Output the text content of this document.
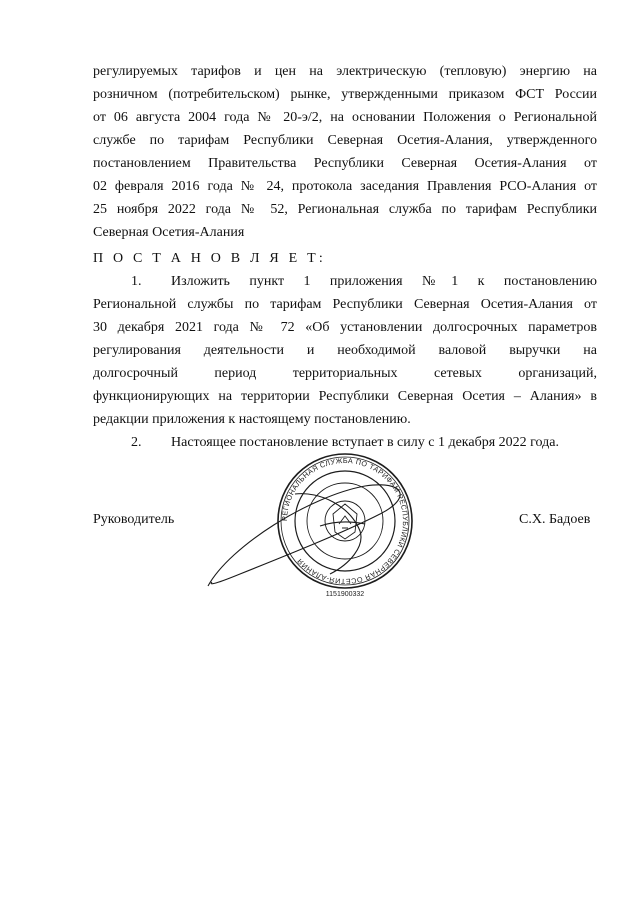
регулируемых тарифов и цен на электрическую (тепловую) энергию на
розничном (потребительском) рынке, утвержденными приказом ФСТ России
от 06 августа 2004 года № 20-э/2, на основании Положения о Региональной
службе по тарифам Республики Северная Осетия-Алания, утвержденного
постановлением Правительства Республики Северная Осетия-Алания от
02 февраля 2016 года № 24, протокола заседания Правления РСО-Алания от
25 ноября 2022 года № 52, Региональная служба по тарифам Республики
Северная Осетия-Алания
П О С Т А Н О В Л Я Е Т:
1. Изложить пункт 1 приложения №1 к постановлению
Региональной службы по тарифам Республики Северная Осетия-Алания от
30 декабря 2021 года № 72 «Об установлении долгосрочных параметров
регулирования деятельности и необходимой валовой выручки на
долгосрочный период территориальных сетевых организаций,
функционирующих на территории Республики Северная Осетия – Алания» в
редакции приложения к настоящему постановлению.
2. Настоящее постановление вступает в силу с 1 декабря 2022 года.
РЕГИОНАЛЬНАЯ СЛУЖБА ПО ТАРИФАМ РЕСПУБЛИКИ СЕВЕРНАЯ ОСЕТИЯ-АЛАНИЯ
1151900332
Руководитель	С.Х. Бадоев
